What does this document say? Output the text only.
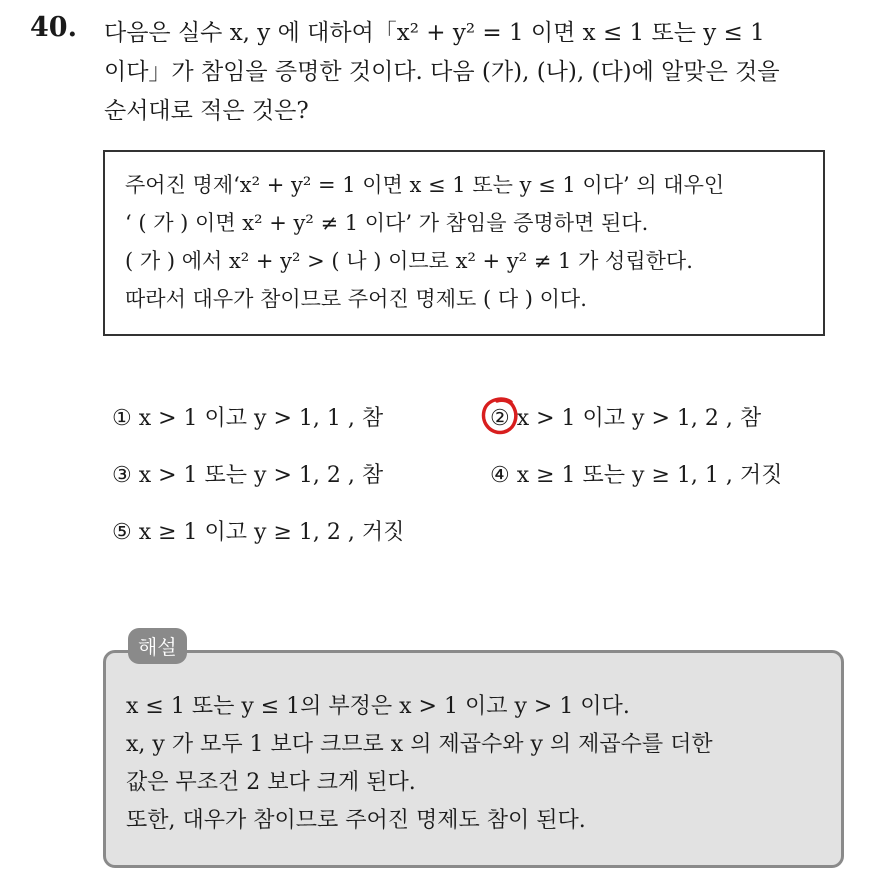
40. 다음은 실수 x, y 에 대하여「x² + y² = 1 이면 x ≤ 1 또는 y ≤ 1
이다」가 참임을 증명한 것이다. 다음 (가), (나), (다)에 알맞은 것을
순서대로 적은 것은?
주어진 명제‘x² + y² = 1 이면 x ≤ 1 또는 y ≤ 1 이다’ 의 대우인
‘ ( 가 ) 이면 x² + y² ≠ 1 이다’ 가 참임을 증명하면 된다.
( 가 ) 에서 x² + y² > ( 나 ) 이므로 x² + y² ≠ 1 가 성립한다.
따라서 대우가 참이므로 주어진 명제도 ( 다 ) 이다.
① x > 1 이고 y > 1, 1 , 참	② x > 1 이고 y > 1, 2 , 참
③ x > 1 또는 y > 1, 2 , 참	④ x ≥ 1 또는 y ≥ 1, 1 , 거짓
⑤ x ≥ 1 이고 y ≥ 1, 2 , 거짓
x ≤ 1 또는 y ≤ 1의 부정은 x > 1 이고 y > 1 이다.
x, y 가 모두 1 보다 크므로 x 의 제곱수와 y 의 제곱수를 더한
값은 무조건 2 보다 크게 된다.
또한, 대우가 참이므로 주어진 명제도 참이 된다.
해설
